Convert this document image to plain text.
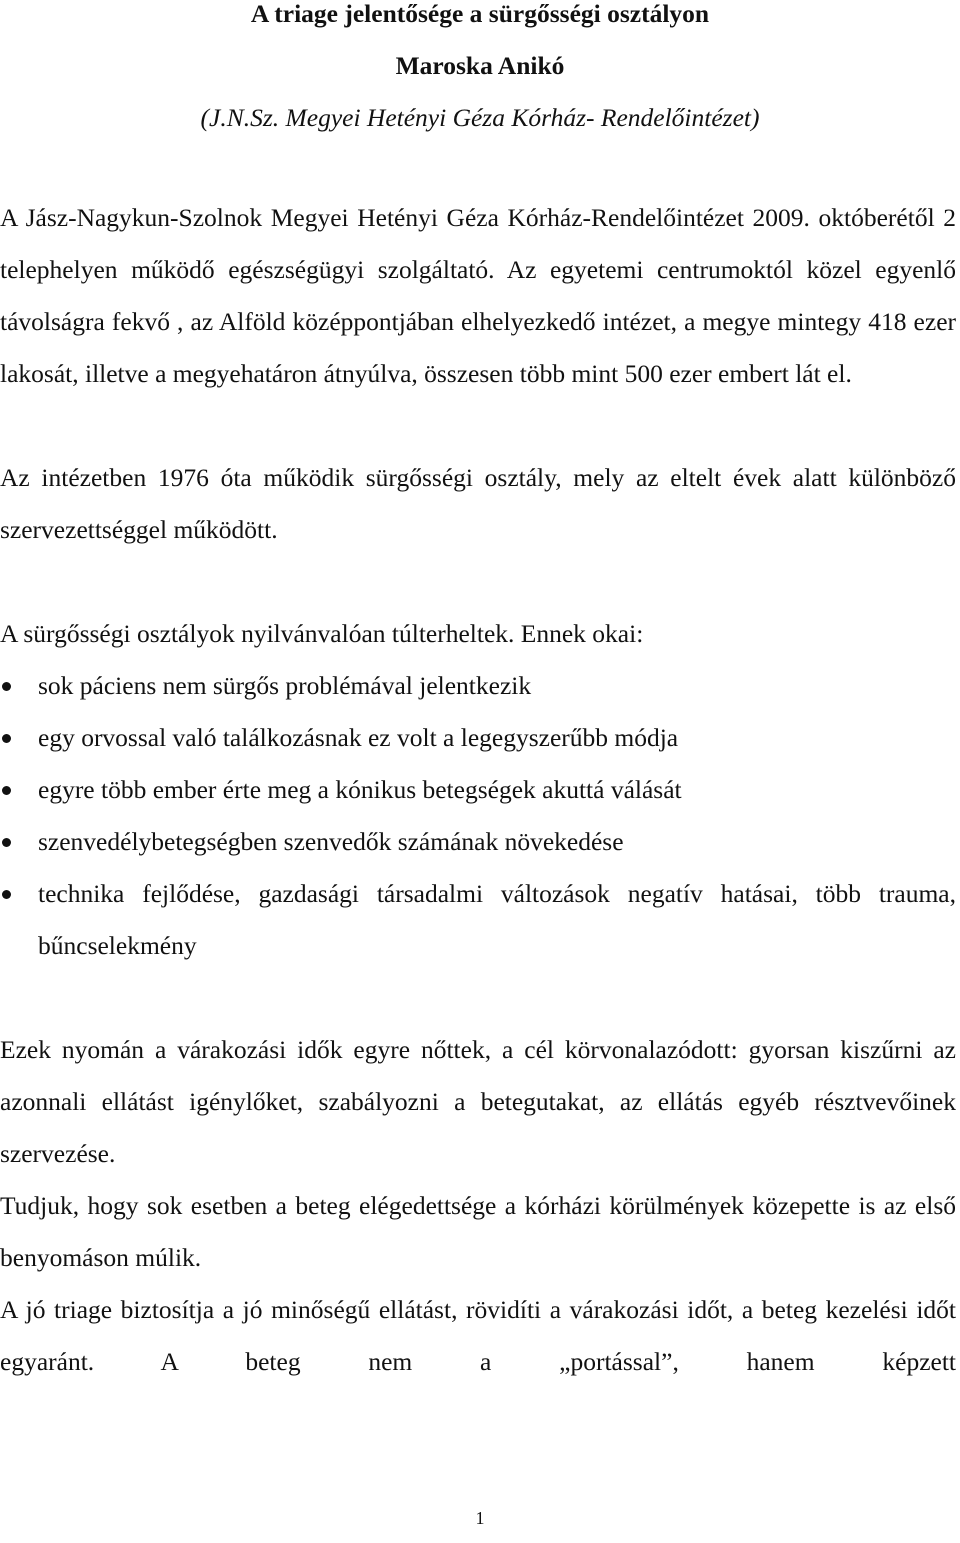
A triage jelentősége a sürgősségi osztályon

Maroska Anikó

(J.N.Sz. Megyei Hetényi Géza Kórház- Rendelőintézet)

A Jász-Nagykun-Szolnok Megyei Hetényi Géza Kórház-Rendelőintézet 2009. októberétől 2 telephelyen működő egészségügyi szolgáltató. Az egyetemi centrumoktól közel egyenlő távolságra fekvő , az Alföld középpontjában elhelyezkedő intézet, a megye mintegy 418 ezer lakosát, illetve a megyehatáron átnyúlva, összesen több mint 500 ezer embert lát el.

Az intézetben 1976 óta működik sürgősségi osztály, mely az eltelt évek alatt különböző szervezettséggel működött.

A sürgősségi osztályok nyilvánvalóan túlterheltek. Ennek okai:

sok páciens nem sürgős problémával jelentkezik
egy orvossal való találkozásnak ez volt a legegyszerűbb módja
egyre több ember érte meg a kónikus betegségek akuttá válását
szenvedélybetegségben szenvedők számának növekedése
technika fejlődése, gazdasági társadalmi változások negatív hatásai, több trauma, bűncselekmény

Ezek nyomán a várakozási idők egyre nőttek, a cél körvonalazódott: gyorsan kiszűrni az azonnali ellátást igénylőket, szabályozni a betegutakat, az ellátás egyéb résztvevőinek szervezése.

Tudjuk, hogy sok esetben a beteg elégedettsége a kórházi körülmények közepette is az első benyomáson múlik.

A jó triage biztosítja a jó minőségű ellátást, rövidíti a várakozási időt, a beteg kezelési időt egyaránt. A beteg nem a „portással”, hanem képzett

1
